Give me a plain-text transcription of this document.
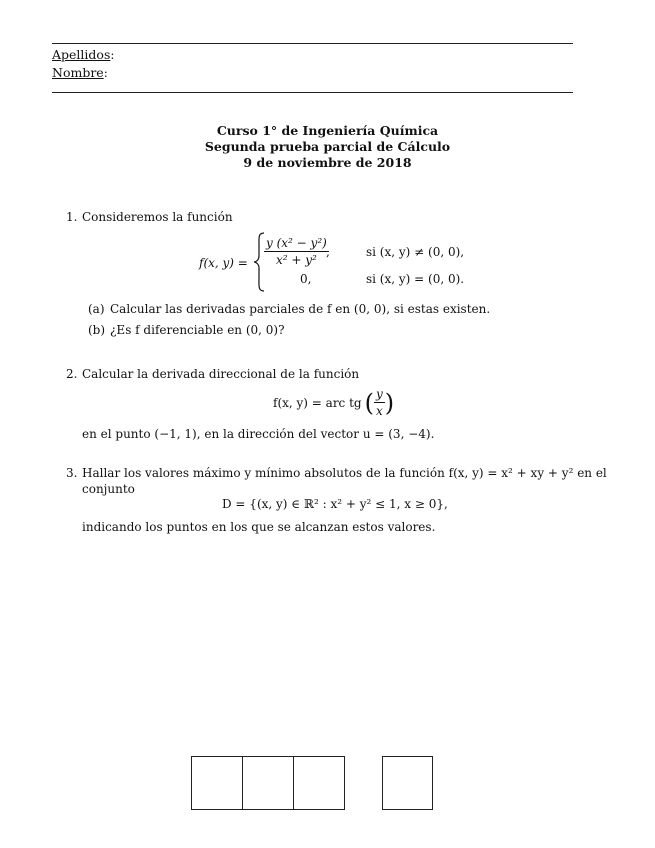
Apellidos:
Nombre:
Curso 1° de Ingeniería Química
Segunda prueba parcial de Cálculo
9 de noviembre de 2018
1. Consideremos la función
f(x, $y) = \frac{\text{y (x² − y²)}}{\text{x² + y²}}$
,	si (x, y) ≠ (0, 0),
0,	si (x, y) = (0, 0).
(a) Calcular las derivadas parciales de f en (0, 0), si estas existen.
(b) ¿Es f diferenciable en (0, 0)?
2. Calcular la derivada direccional de la función
f(x, y) = arc tg ( $\frac{y}{x}$ )
en el punto (−1, 1), en la dirección del vector u = (3, −4).
3. Hallar los valores máximo y mínimo absolutos de la función f(x, y) = x² + xy + y² en el
conjunto
D = {(x, y) ∈ ℝ² : x² + y² ≤ 1, x ≥ 0},
indicando los puntos en los que se alcanzan estos valores.
